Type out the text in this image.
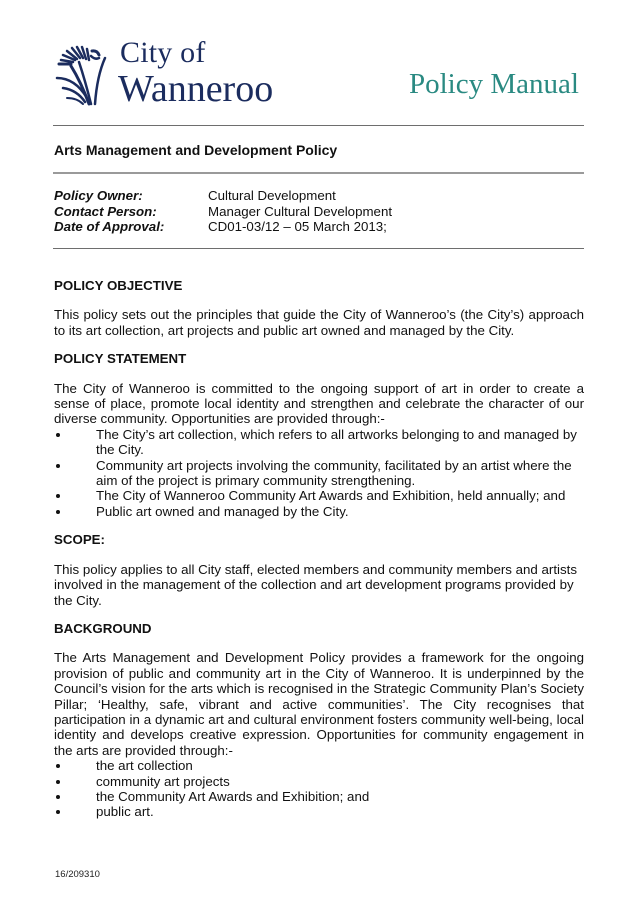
City of
Wanneroo	Policy Manual
Arts Management and Development Policy
Policy Owner:	Cultural Development
Contact Person:	Manager Cultural Development
Date of Approval:	CD01-03/12 – 05 March 2013;

POLICY OBJECTIVE

This policy sets out the principles that guide the City of Wanneroo’s (the City’s) approach to its art collection, art projects and public art owned and managed by the City.

POLICY STATEMENT

The City of Wanneroo is committed to the ongoing support of art in order to create a sense of place, promote local identity and strengthen and celebrate the character of our diverse community. Opportunities are provided through:-

The City’s art collection, which refers to all artworks belonging to and managed by the City.
Community art projects involving the community, facilitated by an artist where the aim of the project is primary community strengthening.
The City of Wanneroo Community Art Awards and Exhibition, held annually; and
Public art owned and managed by the City.

SCOPE:

This policy applies to all City staff, elected members and community members and artists involved in the management of the collection and art development programs provided by the City.

BACKGROUND

The Arts Management and Development Policy provides a framework for the ongoing provision of public and community art in the City of Wanneroo. It is underpinned by the Council’s vision for the arts which is recognised in the Strategic Community Plan’s Society Pillar; ‘Healthy, safe, vibrant and active communities’. The City recognises that participation in a dynamic art and cultural environment fosters community well-being, local identity and develops creative expression. Opportunities for community engagement in the arts are provided through:-

the art collection
community art projects
the Community Art Awards and Exhibition; and
public art.
16/209310
